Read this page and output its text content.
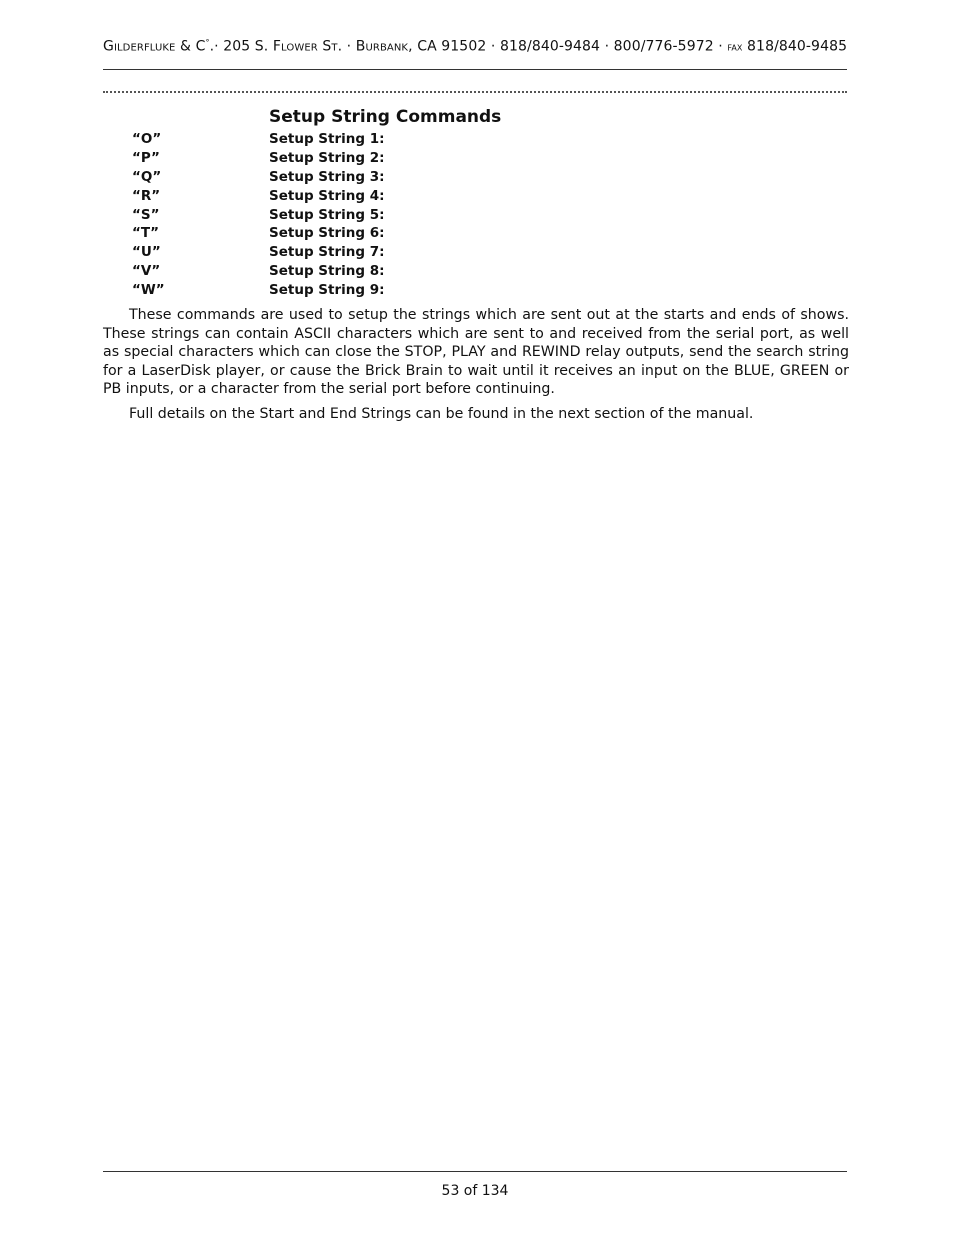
Gilderfluke & C°.· 205 S. Flower St. · Burbank, CA 91502 · 818/840-9484 · 800/776-5972 · fax 818/840-9485
Setup String Commands
“O”	Setup String 1:
“P”	Setup String 2:
“Q”	Setup String 3:
“R”	Setup String 4:
“S”	Setup String 5:
“T”	Setup String 6:
“U”	Setup String 7:
“V”	Setup String 8:
“W”	Setup String 9:

These commands are used to setup the strings which are sent out at the starts and ends of shows. These strings can contain ASCII characters which are sent to and received from the serial port, as well as special characters which can close the STOP, PLAY and REWIND relay outputs, send the search string for a LaserDisk player, or cause the Brick Brain to wait until it receives an input on the BLUE, GREEN or PB inputs, or a character from the serial port before continuing.

Full details on the Start and End Strings can be found in the next section of the manual.

53 of 134
